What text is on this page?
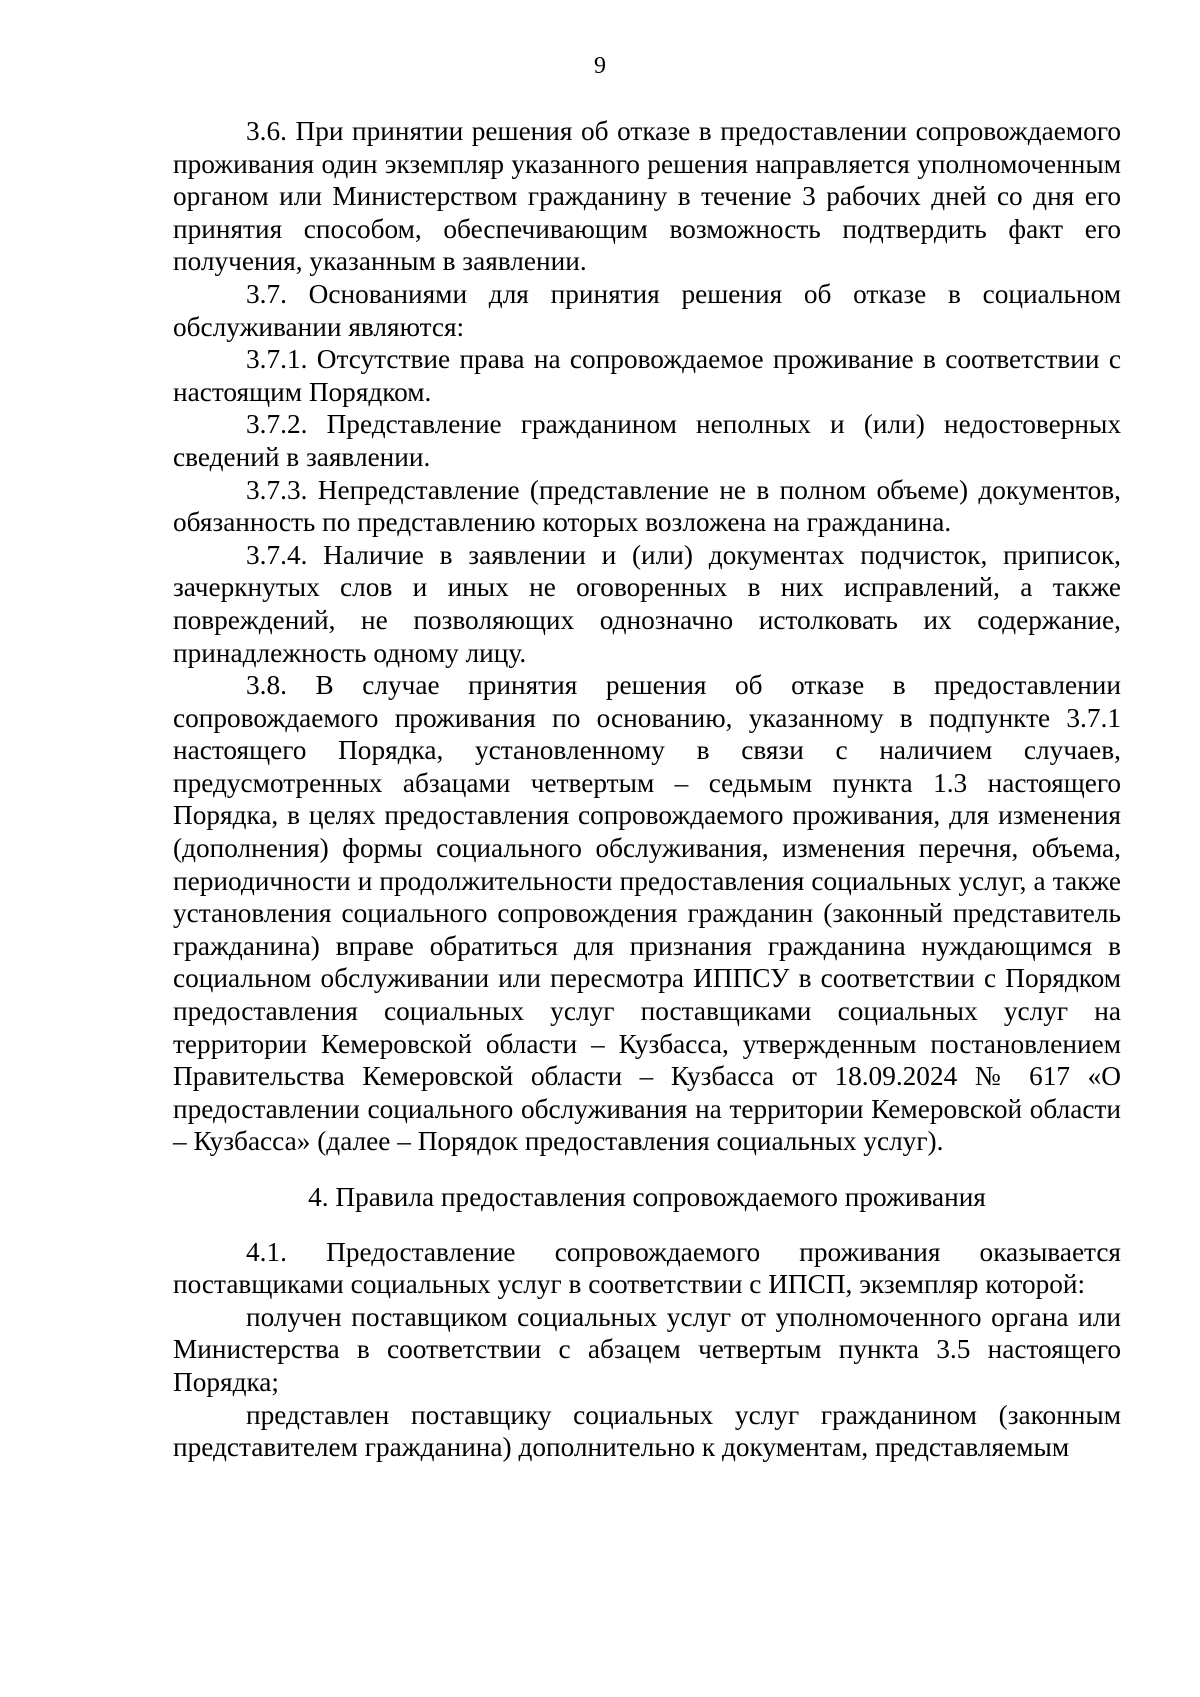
9

3.6. При принятии решения об отказе в предоставлении сопровождаемого проживания один экземпляр указанного решения направляется уполномоченным органом или Министерством гражданину в течение 3 рабочих дней со дня его принятия способом, обеспечивающим возможность подтвердить факт его получения, указанным в заявлении.

3.7. Основаниями для принятия решения об отказе в социальном обслуживании являются:

3.7.1. Отсутствие права на сопровождаемое проживание в соответствии с настоящим Порядком.

3.7.2. Представление гражданином неполных и (или) недостоверных сведений в заявлении.

3.7.3. Непредставление (представление не в полном объеме) документов, обязанность по представлению которых возложена на гражданина.

3.7.4. Наличие в заявлении и (или) документах подчисток, приписок, зачеркнутых слов и иных не оговоренных в них исправлений, а также повреждений, не позволяющих однозначно истолковать их содержание, принадлежность одному лицу.

3.8. В случае принятия решения об отказе в предоставлении сопровождаемого проживания по основанию, указанному в подпункте 3.7.1 настоящего Порядка, установленному в связи с наличием случаев, предусмотренных абзацами четвертым – седьмым пункта 1.3 настоящего Порядка, в целях предоставления сопровождаемого проживания, для изменения (дополнения) формы социального обслуживания, изменения перечня, объема, периодичности и продолжительности предоставления социальных услуг, а также установления социального сопровождения гражданин (законный представитель гражданина) вправе обратиться для признания гражданина нуждающимся в социальном обслуживании или пересмотра ИППСУ в соответствии с Порядком предоставления социальных услуг поставщиками социальных услуг на территории Кемеровской области – Кузбасса, утвержденным постановлением Правительства Кемеровской области – Кузбасса от 18.09.2024 № 617 «О предоставлении социального обслуживания на территории Кемеровской области – Кузбасса» (далее – Порядок предоставления социальных услуг).

4. Правила предоставления сопровождаемого проживания

4.1. Предоставление сопровождаемого проживания оказывается поставщиками социальных услуг в соответствии с ИПСП, экземпляр которой:

получен поставщиком социальных услуг от уполномоченного органа или Министерства в соответствии с абзацем четвертым пункта 3.5 настоящего Порядка;

представлен поставщику социальных услуг гражданином (законным представителем гражданина) дополнительно к документам, представляемым
